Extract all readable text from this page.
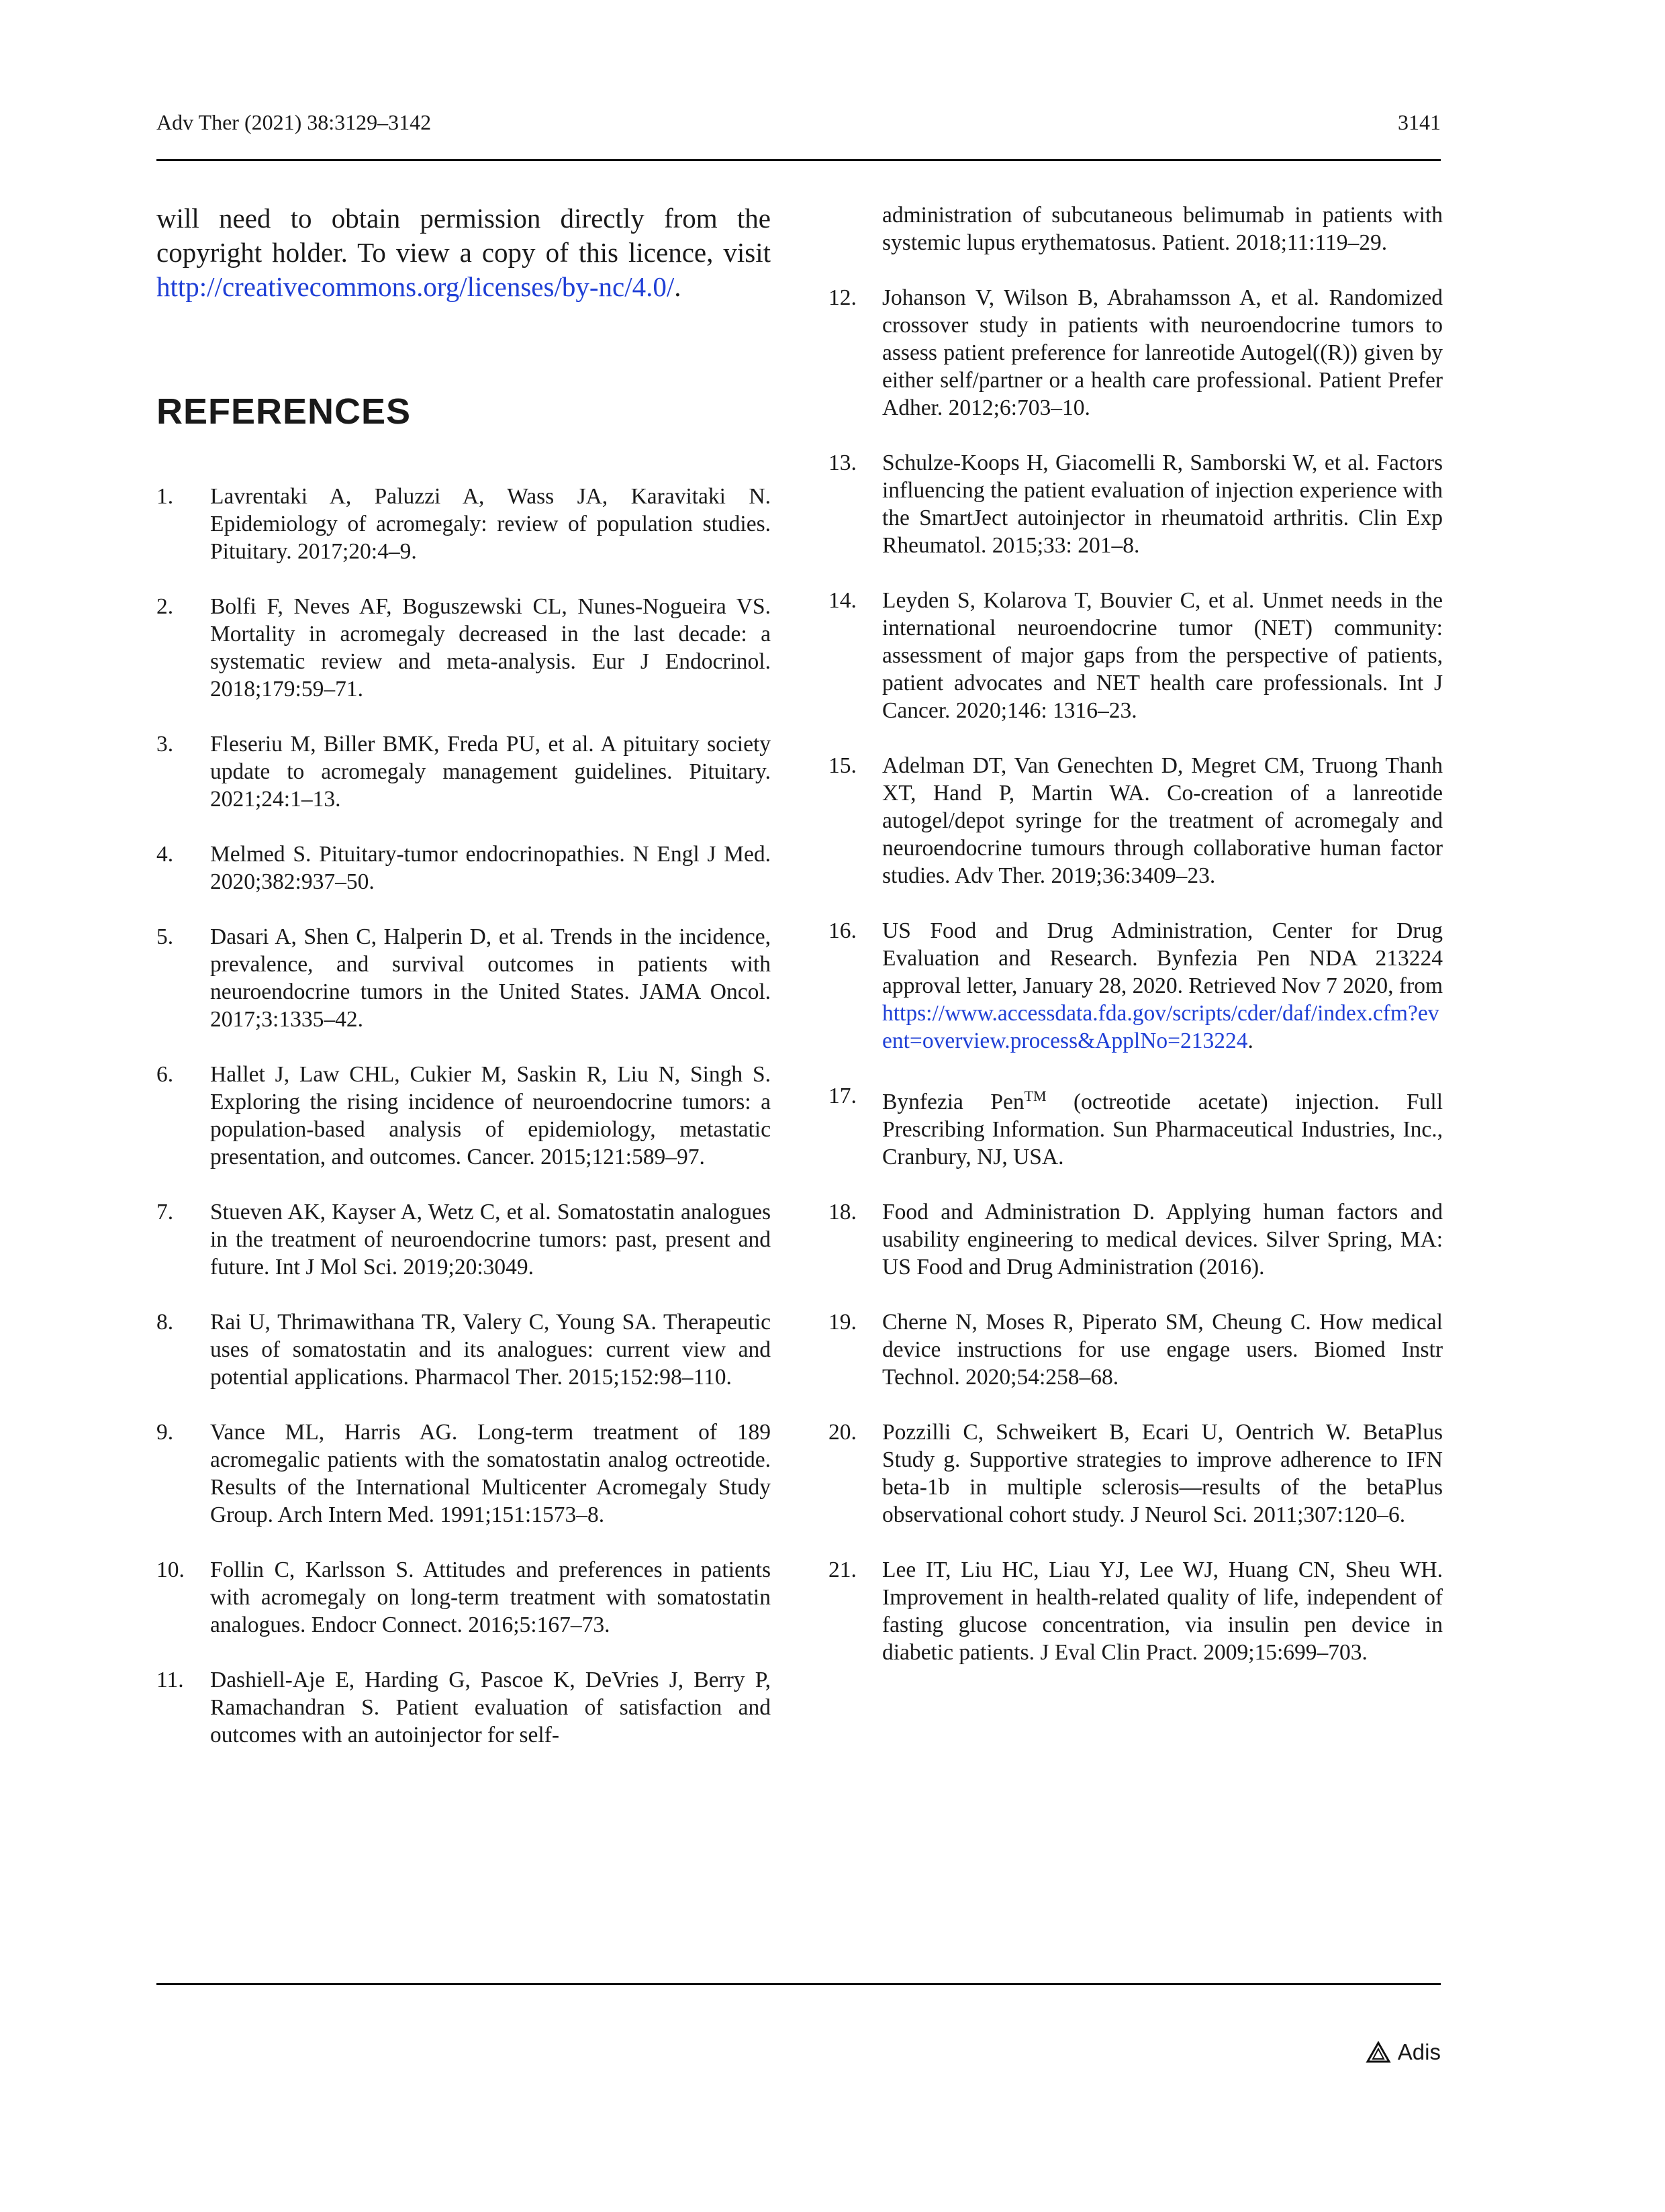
Adv Ther (2021) 38:3129–3142	3141

will need to obtain permission directly from the copyright holder. To view a copy of this licence, visit http://creativecommons.org/licenses/by-nc/4.0/.

REFERENCES

1. Lavrentaki A, Paluzzi A, Wass JA, Karavitaki N. Epidemiology of acromegaly: review of population studies. Pituitary. 2017;20:4–9.

2. Bolfi F, Neves AF, Boguszewski CL, Nunes-Nogueira VS. Mortality in acromegaly decreased in the last decade: a systematic review and meta-analysis. Eur J Endocrinol. 2018;179:59–71.

3. Fleseriu M, Biller BMK, Freda PU, et al. A pituitary society update to acromegaly management guidelines. Pituitary. 2021;24:1–13.

4. Melmed S. Pituitary-tumor endocrinopathies. N Engl J Med. 2020;382:937–50.

5. Dasari A, Shen C, Halperin D, et al. Trends in the incidence, prevalence, and survival outcomes in patients with neuroendocrine tumors in the United States. JAMA Oncol. 2017;3:1335–42.

6. Hallet J, Law CHL, Cukier M, Saskin R, Liu N, Singh S. Exploring the rising incidence of neuroendocrine tumors: a population-based analysis of epidemiology, metastatic presentation, and outcomes. Cancer. 2015;121:589–97.

7. Stueven AK, Kayser A, Wetz C, et al. Somatostatin analogues in the treatment of neuroendocrine tumors: past, present and future. Int J Mol Sci. 2019;20:3049.

8. Rai U, Thrimawithana TR, Valery C, Young SA. Therapeutic uses of somatostatin and its analogues: current view and potential applications. Pharmacol Ther. 2015;152:98–110.

9. Vance ML, Harris AG. Long-term treatment of 189 acromegalic patients with the somatostatin analog octreotide. Results of the International Multicenter Acromegaly Study Group. Arch Intern Med. 1991;151:1573–8.

10. Follin C, Karlsson S. Attitudes and preferences in patients with acromegaly on long-term treatment with somatostatin analogues. Endocr Connect. 2016;5:167–73.

11. Dashiell-Aje E, Harding G, Pascoe K, DeVries J, Berry P, Ramachandran S. Patient evaluation of satisfaction and outcomes with an autoinjector for self-

administration of subcutaneous belimumab in patients with systemic lupus erythematosus. Patient. 2018;11:119–29.

12. Johanson V, Wilson B, Abrahamsson A, et al. Randomized crossover study in patients with neuroendocrine tumors to assess patient preference for lanreotide Autogel((R)) given by either self/partner or a health care professional. Patient Prefer Adher. 2012;6:703–10.

13. Schulze-Koops H, Giacomelli R, Samborski W, et al. Factors influencing the patient evaluation of injection experience with the SmartJect autoinjector in rheumatoid arthritis. Clin Exp Rheumatol. 2015;33: 201–8.

14. Leyden S, Kolarova T, Bouvier C, et al. Unmet needs in the international neuroendocrine tumor (NET) community: assessment of major gaps from the perspective of patients, patient advocates and NET health care professionals. Int J Cancer. 2020;146: 1316–23.

15. Adelman DT, Van Genechten D, Megret CM, Truong Thanh XT, Hand P, Martin WA. Co-creation of a lanreotide autogel/depot syringe for the treatment of acromegaly and neuroendocrine tumours through collaborative human factor studies. Adv Ther. 2019;36:3409–23.

16. US Food and Drug Administration, Center for Drug Evaluation and Research. Bynfezia Pen NDA 213224 approval letter, January 28, 2020. Retrieved Nov 7 2020, from https://www.accessdata.fda.gov/scripts/cder/daf/index.cfm?event=overview.process&ApplNo=213224.

17. Bynfezia Pen™ (octreotide acetate) injection. Full Prescribing Information. Sun Pharmaceutical Industries, Inc., Cranbury, NJ, USA.

18. Food and Administration D. Applying human factors and usability engineering to medical devices. Silver Spring, MA: US Food and Drug Administration (2016).

19. Cherne N, Moses R, Piperato SM, Cheung C. How medical device instructions for use engage users. Biomed Instr Technol. 2020;54:258–68.

20. Pozzilli C, Schweikert B, Ecari U, Oentrich W. BetaPlus Study g. Supportive strategies to improve adherence to IFN beta-1b in multiple sclerosis—results of the betaPlus observational cohort study. J Neurol Sci. 2011;307:120–6.

21. Lee IT, Liu HC, Liau YJ, Lee WJ, Huang CN, Sheu WH. Improvement in health-related quality of life, independent of fasting glucose concentration, via insulin pen device in diabetic patients. J Eval Clin Pract. 2009;15:699–703.

Adis
